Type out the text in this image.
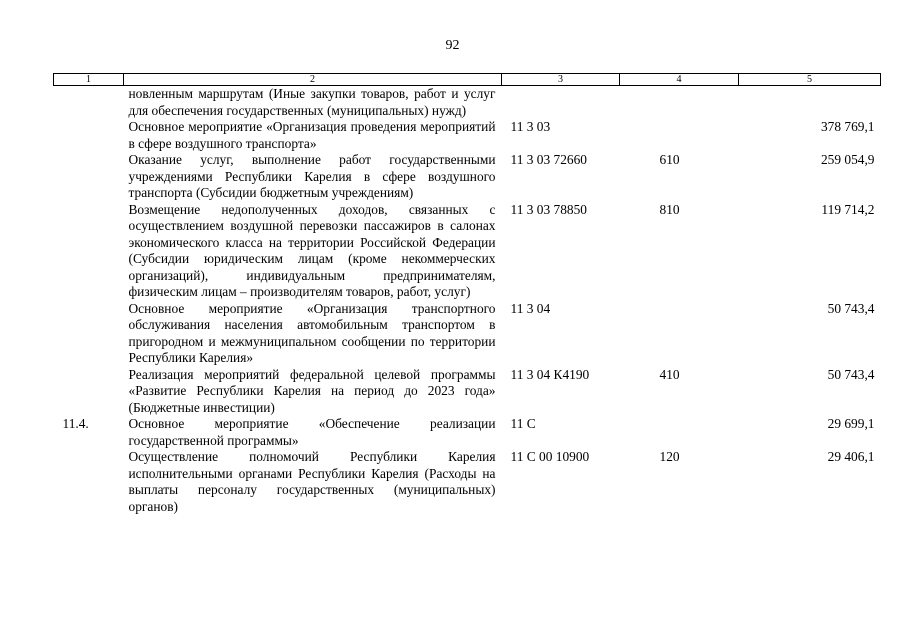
92
1	2	3	4	5
	новленным маршрутам (Иные закупки товаров, работ и услуг для обеспечения государственных (муниципальных) нужд)			
	Основное мероприятие «Организация проведения мероприятий в сфере воздушного транспорта»	11 3 03		378 769,1
	Оказание услуг, выполнение работ государственными учреждениями Республики Карелия в сфере воздушного транспорта (Субсидии бюджетным учреждениям)	11 3 03 72660	610	259 054,9
	Возмещение недополученных доходов, связанных с осуществлением воздушной перевозки пассажиров в салонах экономического класса на территории Российской Федерации (Субсидии юридическим лицам (кроме некоммерческих организаций), индивидуальным предпринимателям, физическим лицам – производителям товаров, работ, услуг)	11 3 03 78850	810	119 714,2
	Основное мероприятие «Организация транспортного обслуживания населения автомобильным транспортом в пригородном и межмуниципальном сообщении по территории Республики Карелия»	11 3 04		50 743,4
	Реализация мероприятий федеральной целевой программы «Развитие Республики Карелия на период до 2023 года» (Бюджетные инвестиции)	11 3 04 К4190	410	50 743,4
11.4.	Основное мероприятие «Обеспечение реализации государственной программы»	11 С		29 699,1
	Осуществление полномочий Республики Карелия исполнительными органами Республики Карелия (Расходы на выплаты персоналу государственных (муниципальных) органов)	11 С 00 10900	120	29 406,1
